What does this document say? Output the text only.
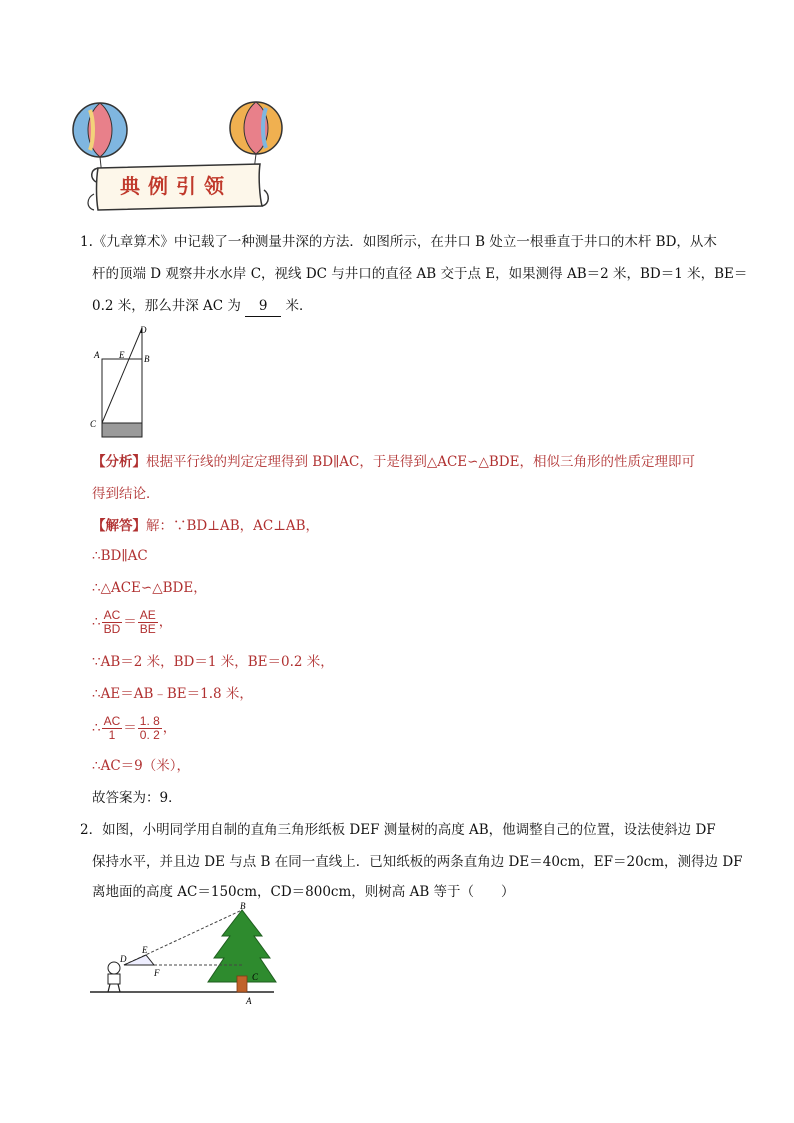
典例引领
1.《九章算术》中记载了一种测量井深的方法．如图所示，在井口 B 处立一根垂直于井口的木杆 BD，从木
杆的顶端 D 观察井水水岸 C，视线 DC 与井口的直径 AB 交于点 E，如果测得 AB＝2 米，BD＝1 米，BE＝
0.2 米，那么井深 AC 为 9 米．
D
A E B
C
【分析】根据平行线的判定定理得到 BD∥AC，于是得到△ACE∽△BDE，相似三角形的性质定理即可
得到结论．
【解答】解：∵BD⊥AB，AC⊥AB，
∴BD∥AC
∴△ACE∽△BDE，
∴ $\frac{AC}{BD} = \frac{AE}{BE}$ ，
∵AB＝2 米，BD＝1 米，BE＝0.2 米，
∴AE＝AB﹣BE＝1.8 米，
∴ $\frac{AC}{1} = \frac{1. 8}{0. 2}$ ，
∴AC＝9（米），
故答案为：9．
2．如图，小明同学用自制的直角三角形纸板 DEF 测量树的高度 AB，他调整自己的位置，设法使斜边 DF
保持水平，并且边 DE 与点 B 在同一直线上．已知纸板的两条直角边 DE＝40cm，EF＝20cm，测得边 DF
离地面的高度 AC＝150cm，CD＝800cm，则树高 AB 等于（　　）
B
E
D
F	C
A
